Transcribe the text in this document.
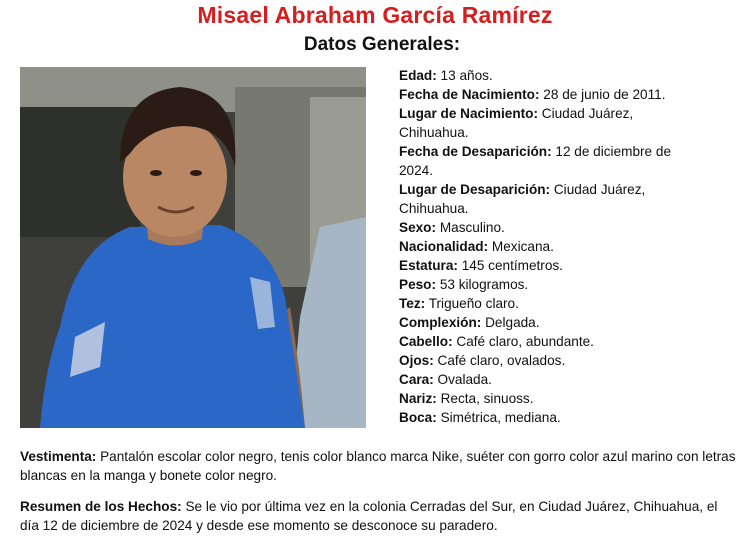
Misael Abraham García Ramírez
Datos Generales:
Edad: 13 años.
Fecha de Nacimiento: 28 de junio de 2011.
Lugar de Nacimiento: Ciudad Juárez,
Chihuahua.
Fecha de Desaparición: 12 de diciembre de
2024.
Lugar de Desaparición: Ciudad Juárez,
Chihuahua.
Sexo: Masculino.
Nacionalidad: Mexicana.
Estatura: 145 centímetros.
Peso: 53 kilogramos.
Tez: Trigueño claro.
Complexión: Delgada.
Cabello: Café claro, abundante.
Ojos: Café claro, ovalados.
Cara: Ovalada.
Nariz: Recta, sinuoss.
Boca: Simétrica, mediana.
Vestimenta: Pantalón escolar color negro, tenis color blanco marca Nike, suéter con gorro color azul marino con letras blancas en la manga y bonete color negro.
Resumen de los Hechos: Se le vio por última vez en la colonia Cerradas del Sur, en Ciudad Juárez, Chihuahua, el día 12 de diciembre de 2024 y desde ese momento se desconoce su paradero.
